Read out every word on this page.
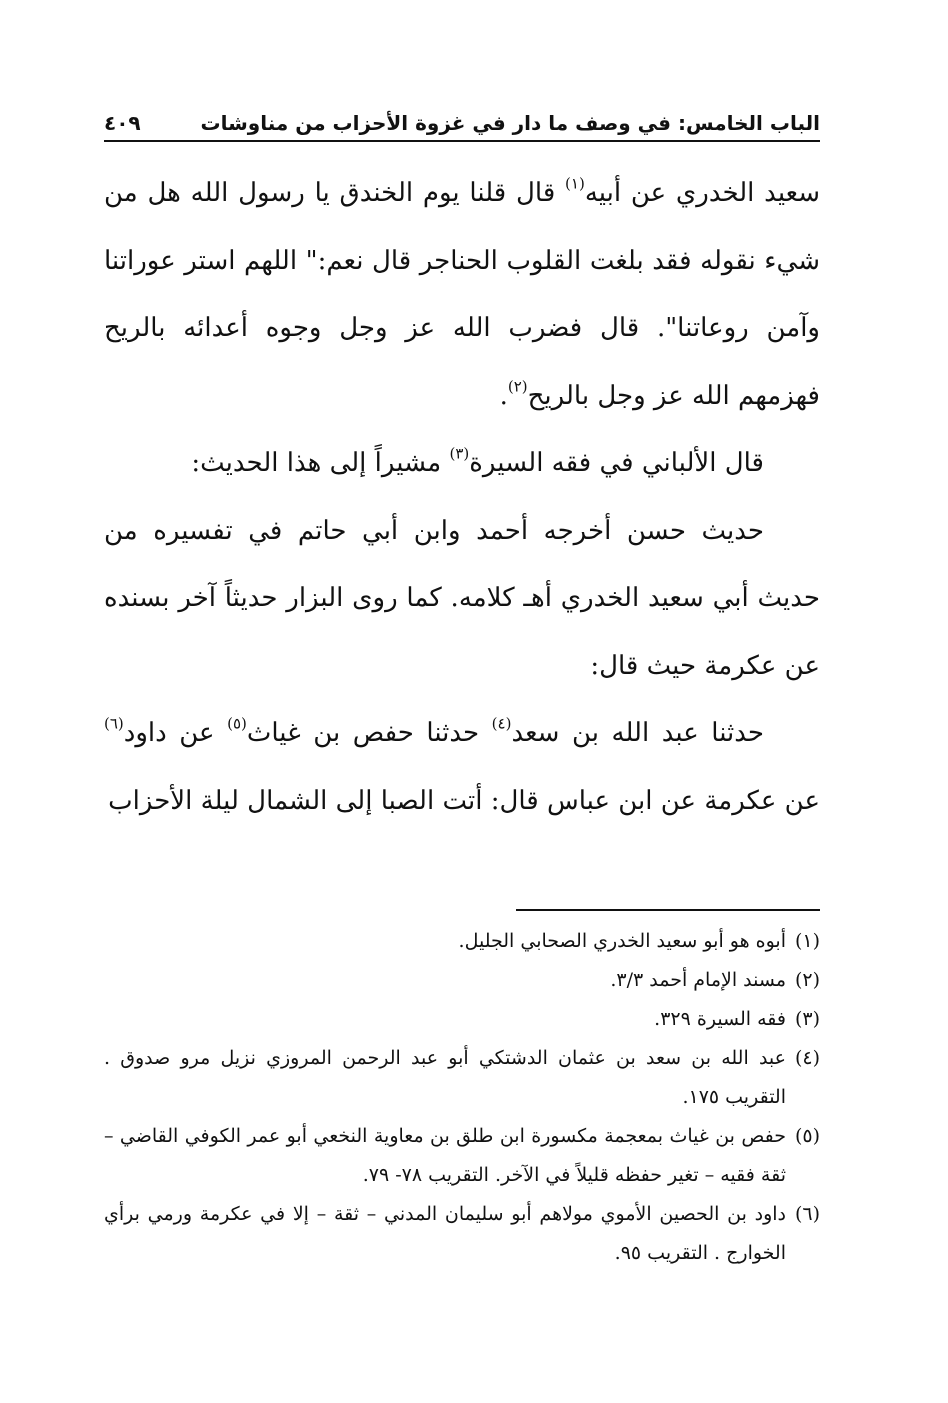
الباب الخامس: في وصف ما دار في غزوة الأحزاب من مناوشات
٤٠٩

سعيد الخدري عن أبيه$^{(١)}$ قال قلنا يوم الخندق يا رسول الله هل من شيء نقوله فقد بلغت القلوب الحناجر قال نعم:" اللهم استر عوراتنا وآمن روعاتنا". قال فضرب الله عز وجل وجوه أعدائه بالريح فهزمهم الله عز وجل بالريح$^{(٢)}$.

قال الألباني في فقه السيرة$^{(٣)}$ مشيراً إلى هذا الحديث:

حديث حسن أخرجه أحمد وابن أبي حاتم في تفسيره من حديث أبي سعيد الخدري أهـ كلامه. كما روى البزار حديثاً آخر بسنده عن عكرمة حيث قال:

حدثنا عبد الله بن سعد$^{(٤)}$ حدثنا حفص بن غياث$^{(٥)}$ عن داود$^{(٦)}$ عن عكرمة عن ابن عباس قال: أتت الصبا إلى الشمال ليلة الأحزاب

(١)أبوه هو أبو سعيد الخدري الصحابي الجليل.
(٢)مسند الإمام أحمد ٣/٣.
(٣)فقه السيرة ٣٢٩.
(٤)عبد الله بن سعد بن عثمان الدشتكي أبو عبد الرحمن المروزي نزيل مرو صدوق . التقريب ١٧٥.
(٥)حفص بن غياث بمعجمة مكسورة ابن طلق بن معاوية النخعي أبو عمر الكوفي القاضي – ثقة فقيه – تغير حفظه قليلاً في الآخر. التقريب ٧٨- ٧٩.
(٦)داود بن الحصين الأموي مولاهم أبو سليمان المدني – ثقة – إلا في عكرمة ورمي برأي الخوارج . التقريب ٩٥.
